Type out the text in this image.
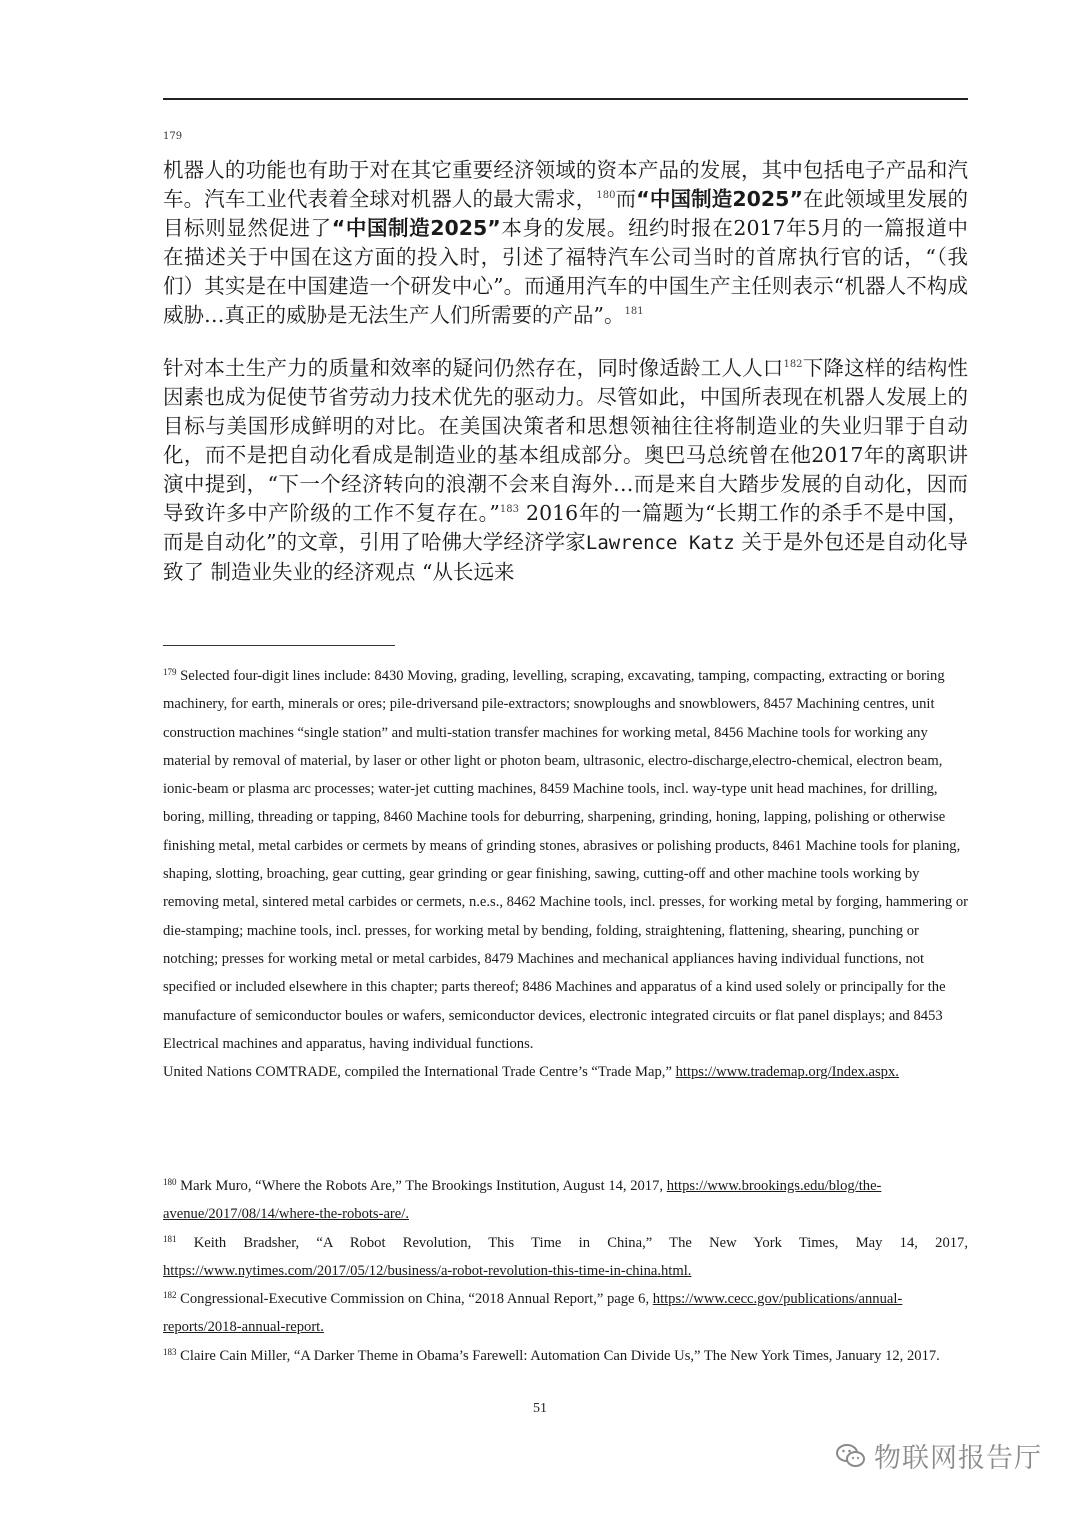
179
机器人的功能也有助于对在其它重要经济领域的资本产品的发展，其中包括电子产品和汽车。汽车工业代表着全球对机器人的最大需求，$^{180}$而“中国制造2025”在此领域里发展的目标则显然促进了“中国制造2025”本身的发展。纽约时报在2017年5月的一篇报道中在描述关于中国在这方面的投入时，引述了福特汽车公司当时的首席执行官的话，“（我们）其实是在中国建造一个研发中心”。而通用汽车的中国生产主任则表示“机器人不构成威胁…真正的威胁是无法生产人们所需要的产品”。$^{181}$
针对本土生产力的质量和效率的疑问仍然存在，同时像适龄工人人口$^{182}$下降这样的结构性因素也成为促使节省劳动力技术优先的驱动力。尽管如此，中国所表现在机器人发展上的目标与美国形成鲜明的对比。在美国决策者和思想领袖往往将制造业的失业归罪于自动化，而不是把自动化看成是制造业的基本组成部分。奥巴马总统曾在他2017年的离职讲演中提到，“下一个经济转向的浪潮不会来自海外…而是来自大踏步发展的自动化，因而导致许多中产阶级的工作不复存在。”$^{183}$ 2016年的一篇题为“长期工作的杀手不是中国，而是自动化”的文章，引用了哈佛大学经济学家Lawrence Katz 关于是外包还是自动化导致了 制造业失业的经济观点 “从长远来

$^{179}$ Selected four-digit lines include: 8430 Moving, grading, levelling, scraping, excavating, tamping, compacting, extracting or boring machinery, for earth, minerals or ores; pile-driversand pile-extractors; snowploughs and snowblowers, 8457 Machining centres, unit construction machines “single station” and multi-station transfer machines for working metal, 8456 Machine tools for working any material by removal of material, by laser or other light or photon beam, ultrasonic, electro-discharge,electro-chemical, electron beam, ionic-beam or plasma arc processes; water-jet cutting machines, 8459 Machine tools, incl. way-type unit head machines, for drilling, boring, milling, threading or tapping, 8460 Machine tools for deburring, sharpening, grinding, honing, lapping, polishing or otherwise finishing metal, metal carbides or cermets by means of grinding stones, abrasives or polishing products, 8461 Machine tools for planing, shaping, slotting, broaching, gear cutting, gear grinding or gear finishing, sawing, cutting-off and other machine tools working by removing metal, sintered metal carbides or cermets, n.e.s., 8462 Machine tools, incl. presses, for working metal by forging, hammering or die-stamping; machine tools, incl. presses, for working metal by bending, folding, straightening, flattening, shearing, punching or notching; presses for working metal or metal carbides, 8479 Machines and mechanical appliances having individual functions, not specified or included elsewhere in this chapter; parts thereof; 8486 Machines and apparatus of a kind used solely or principally for the manufacture of semiconductor boules or wafers, semiconductor devices, electronic integrated circuits or flat panel displays; and 8453 Electrical machines and apparatus, having individual functions.
United Nations COMTRADE, compiled the International Trade Centre’s “Trade Map,” https://www.trademap.org/Index.aspx.

$^{180}$ Mark Muro, “Where the Robots Are,” The Brookings Institution, August 14, 2017, https://www.brookings.edu/blog/the-avenue/2017/08/14/where-the-robots-are/.

$^{181}$ Keith Bradsher, “A Robot Revolution, This Time in China,” The New York Times, May 14, 2017, https://www.nytimes.com/2017/05/12/business/a-robot-revolution-this-time-in-china.html.

$^{182}$ Congressional-Executive Commission on China, “2018 Annual Report,” page 6, https://www.cecc.gov/publications/annual-reports/2018-annual-report.

$^{183}$ Claire Cain Miller, “A Darker Theme in Obama’s Farewell: Automation Can Divide Us,” The New York Times, January 12, 2017.

51
物联网报告厅
